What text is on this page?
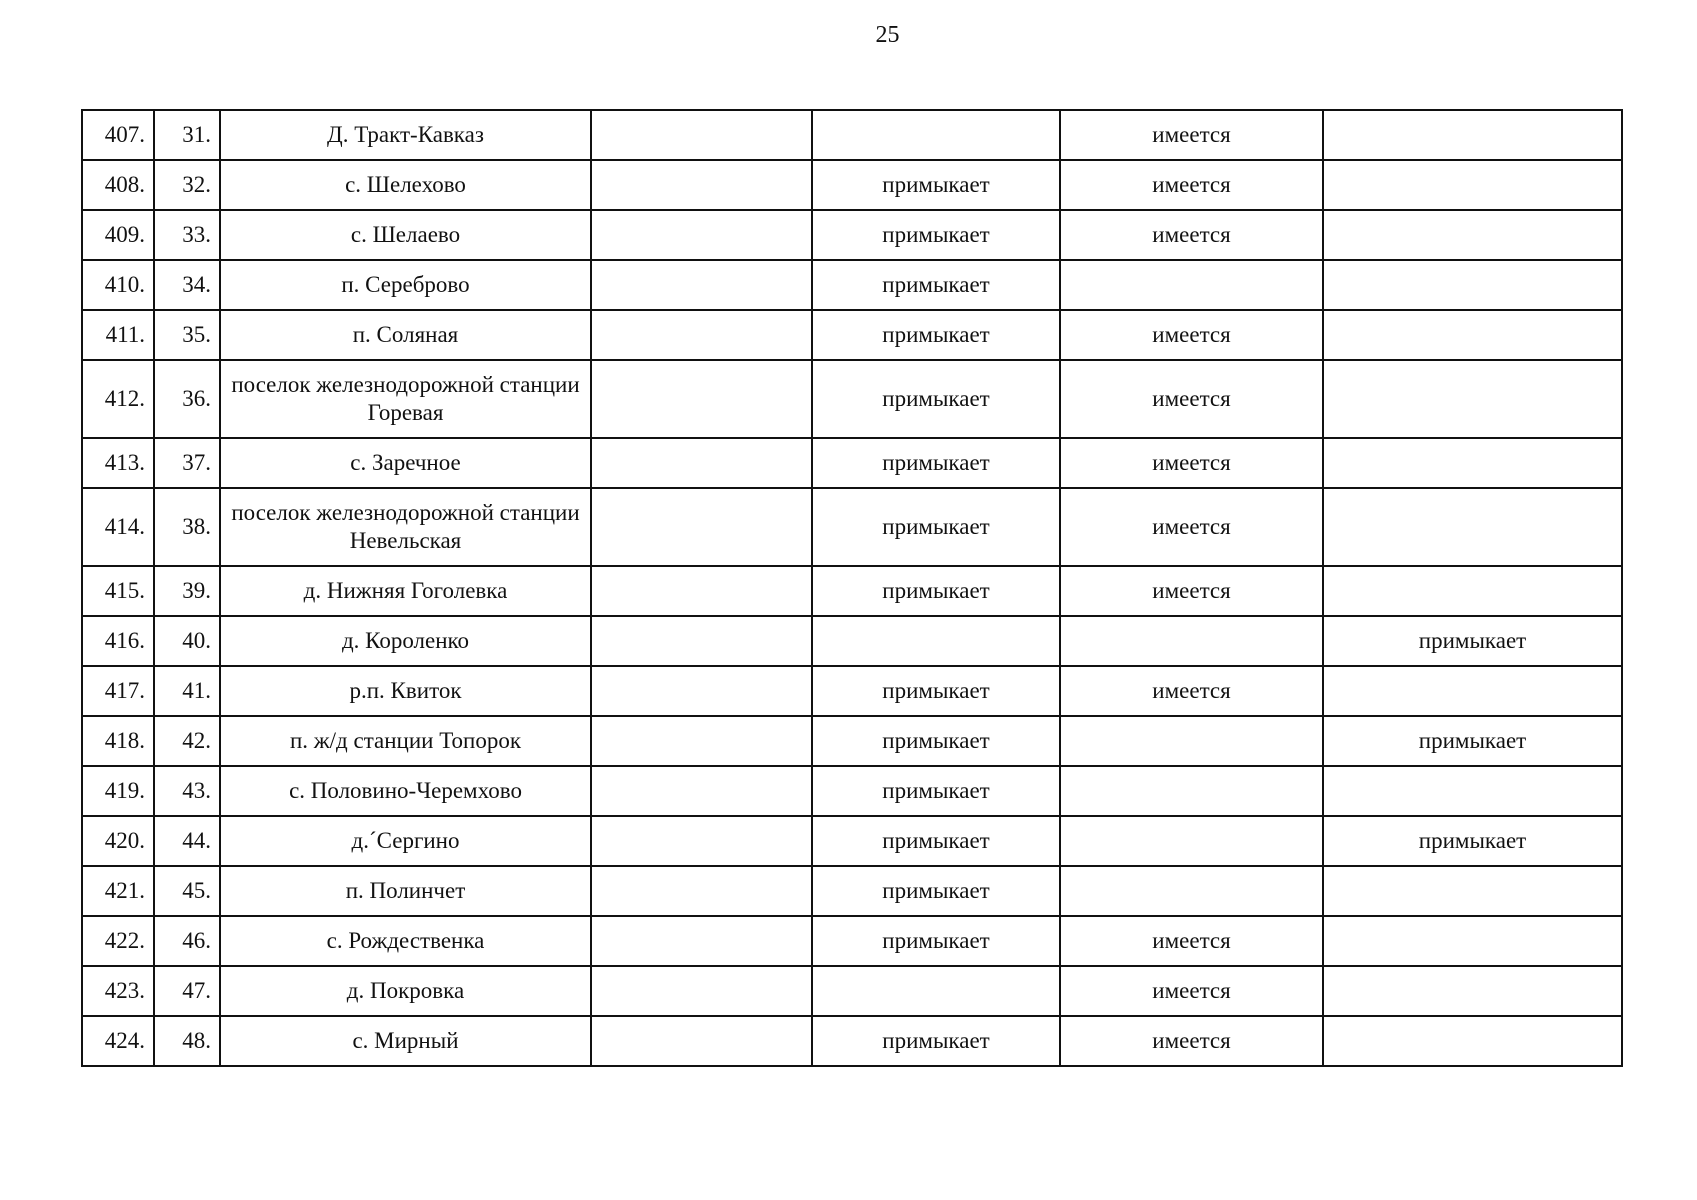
25
407.	31.	Д. Тракт-Кавказ			имеется	
408.	32.	с. Шелехово		примыкает	имеется	
409.	33.	с. Шелаево		примыкает	имеется	
410.	34.	п. Сереброво		примыкает		
411.	35.	п. Соляная		примыкает	имеется	
412.	36.	поселок железнодорожной станции Горевая		примыкает	имеется	
413.	37.	с. Заречное		примыкает	имеется	
414.	38.	поселок железнодорожной станции Невельская		примыкает	имеется	
415.	39.	д. Нижняя Гоголевка		примыкает	имеется	
416.	40.	д. Короленко				примыкает
417.	41.	р.п. Квиток		примыкает	имеется	
418.	42.	п. ж/д станции Топорок		примыкает		примыкает
419.	43.	с. Половино-Черемхово		примыкает		
420.	44.	д.´Сергино		примыкает		примыкает
421.	45.	п. Полинчет		примыкает		
422.	46.	с. Рождественка		примыкает	имеется	
423.	47.	д. Покровка			имеется	
424.	48.	с. Мирный		примыкает	имеется	
